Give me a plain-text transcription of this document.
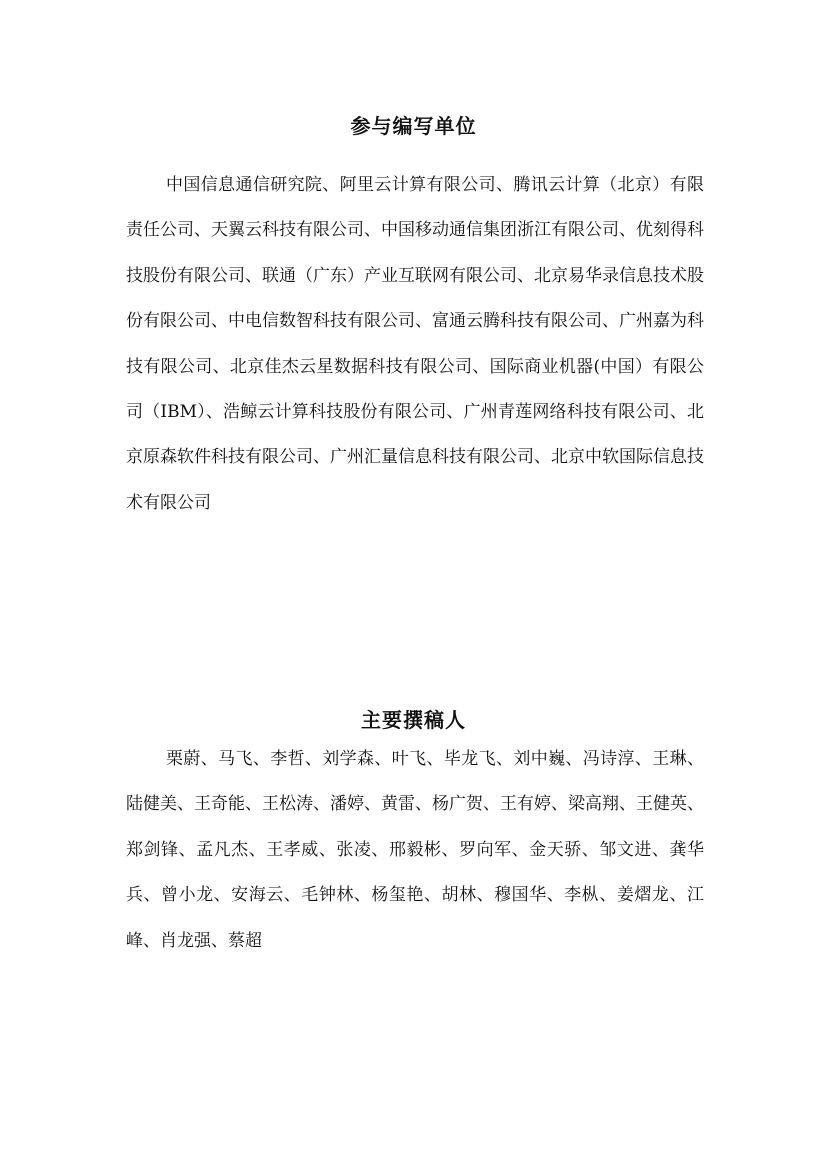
参与编写单位

中国信息通信研究院、阿里云计算有限公司、腾讯云计算（北京）有限责任公司、天翼云科技有限公司、中国移动通信集团浙江有限公司、优刻得科技股份有限公司、联通（广东）产业互联网有限公司、北京易华录信息技术股份有限公司、中电信数智科技有限公司、富通云腾科技有限公司、广州嘉为科技有限公司、北京佳杰云星数据科技有限公司、国际商业机器(中国）有限公司（IBM）、浩鲸云计算科技股份有限公司、广州青莲网络科技有限公司、北京原森软件科技有限公司、广州汇量信息科技有限公司、北京中软国际信息技术有限公司

主要撰稿人

栗蔚、马飞、李哲、刘学森、叶飞、毕龙飞、刘中巍、冯诗淳、王琳、陆健美、王奇能、王松涛、潘婷、黄雷、杨广贺、王有婷、梁高翔、王健英、郑剑锋、孟凡杰、王孝威、张凌、邢毅彬、罗向军、金天骄、邹文进、龚华兵、曾小龙、安海云、毛钟林、杨玺艳、胡林、穆国华、李枞、姜熠龙、江峰、肖龙强、蔡超
